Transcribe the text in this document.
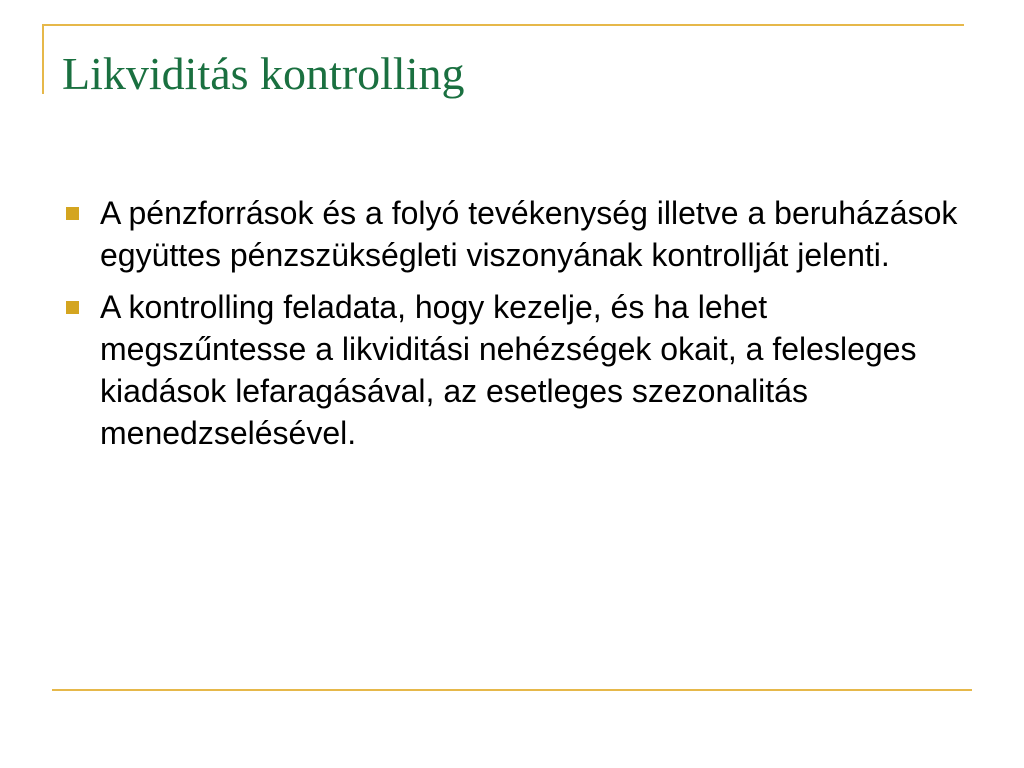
Likviditás kontrolling
A pénzforrások és a folyó tevékenység illetve a beruházások együttes pénzszükségleti viszonyának kontrollját jelenti.
A kontrolling feladata, hogy kezelje, és ha lehet megszűntesse a likviditási nehézségek okait, a felesleges kiadások lefaragásával, az esetleges szezonalitás menedzselésével.
